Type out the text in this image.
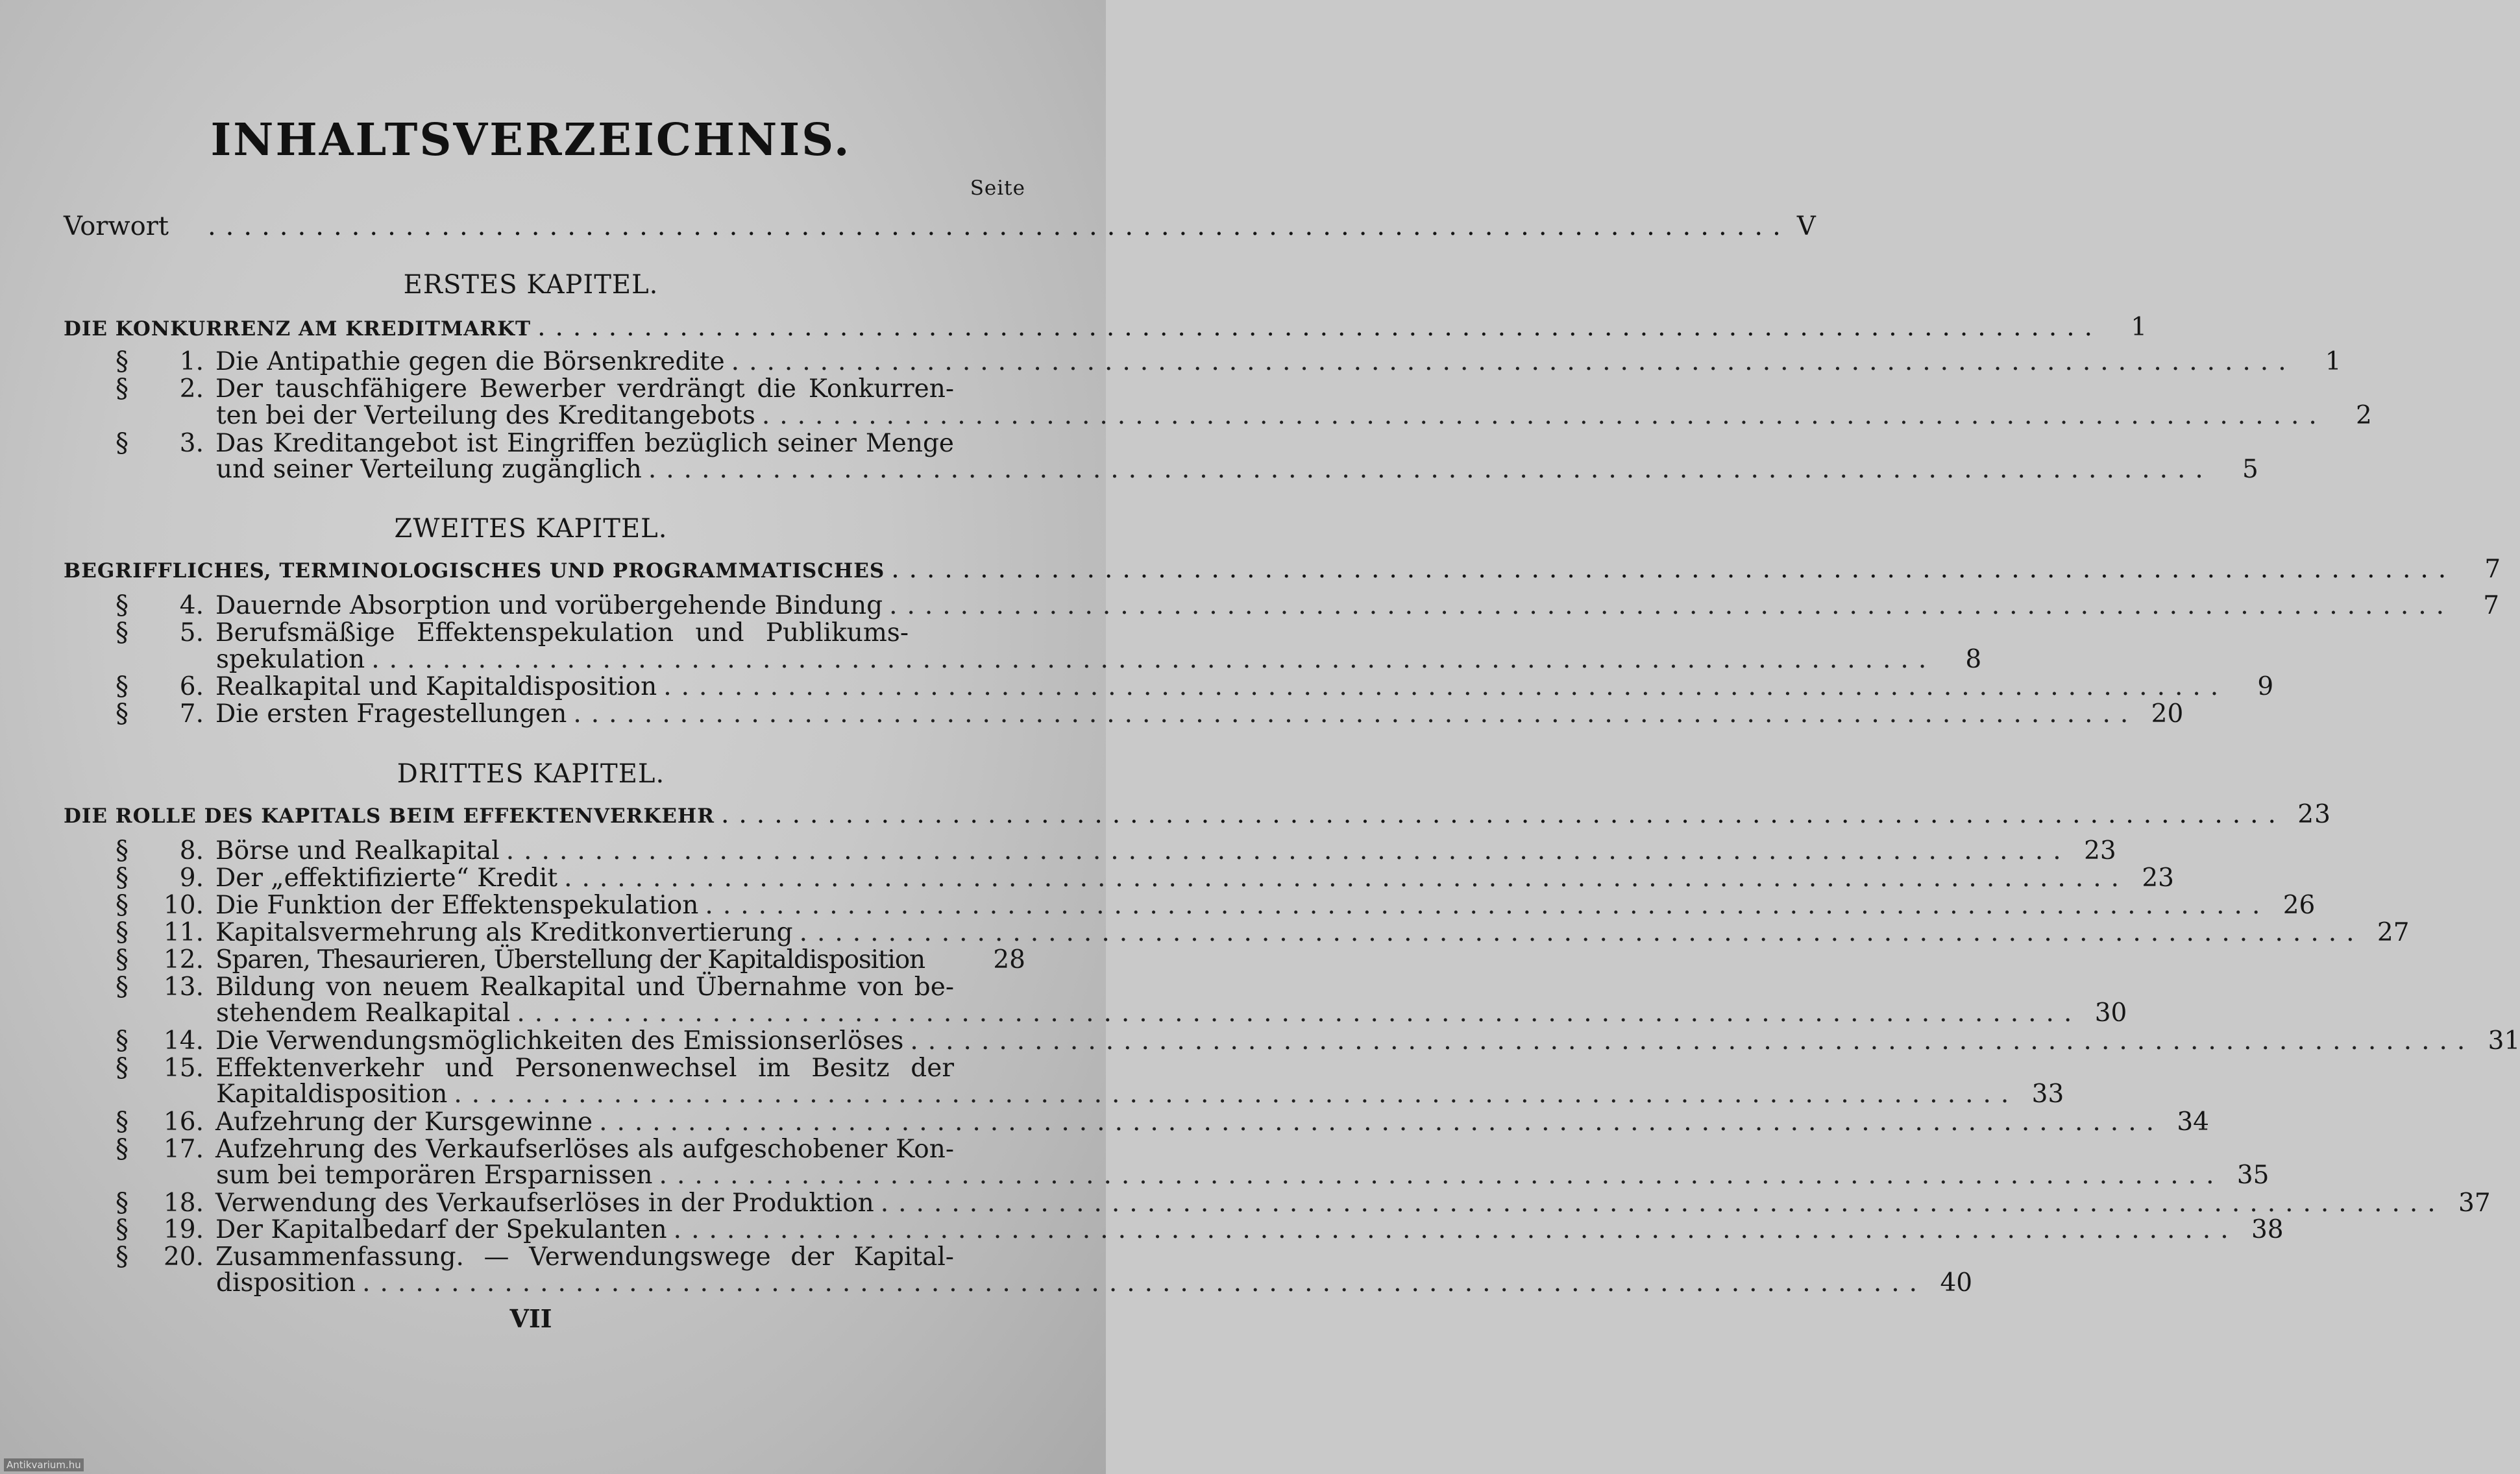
INHALTSVERZEICHNIS.
Seite
Vorwort	........................................................................................ V
ERSTES KAPITEL.
DIE KONKURRENZ AM KREDITMARKT ........................................................................................	1
§	1. Die Antipathie gegen die Börsenkredite ........................................................................................	1
§	2. Der tauschfähigere Bewerber verdrängt die Konkurren-
ten bei der Verteilung des Kreditangebots ........................................................................................	2
§	3. Das Kreditangebot ist Eingriffen bezüglich seiner Menge
und seiner Verteilung zugänglich ........................................................................................	5
ZWEITES KAPITEL.
BEGRIFFLICHES, TERMINOLOGISCHES UND PROGRAMMATISCHES ........................................................................................	7
§	4. Dauernde Absorption und vorübergehende Bindung ........................................................................................	7
§	5. Berufsmäßige Effektenspekulation und Publikums-
spekulation ........................................................................................	8
§	6. Realkapital und Kapitaldisposition ........................................................................................	9
§	7. Die ersten Fragestellungen ........................................................................................ 20
DRITTES KAPITEL.
DIE ROLLE DES KAPITALS BEIM EFFEKTENVERKEHR ........................................................................................ 23
§	8. Börse und Realkapital ........................................................................................ 23
§	9. Der „effektifizierte“ Kredit ........................................................................................ 23
§	10. Die Funktion der Effektenspekulation ........................................................................................ 26
§	11. Kapitalsvermehrung als Kreditkonvertierung ........................................................................................ 27
§	12. Sparen, Thesaurieren, Überstellung der Kapitaldisposition	28
§	13. Bildung von neuem Realkapital und Übernahme von be-
stehendem Realkapital ........................................................................................ 30
§	14. Die Verwendungsmöglichkeiten des Emissionserlöses ........................................................................................ 31
§	15. Effektenverkehr und Personenwechsel im Besitz der
Kapitaldisposition ........................................................................................ 33
§	16. Aufzehrung der Kursgewinne ........................................................................................ 34
§	17. Aufzehrung des Verkaufserlöses als aufgeschobener Kon-
sum bei temporären Ersparnissen ........................................................................................ 35
§	18. Verwendung des Verkaufserlöses in der Produktion ........................................................................................ 37
§	19. Der Kapitalbedarf der Spekulanten ........................................................................................ 38
§	20. Zusammenfassung. — Verwendungswege der Kapital-
disposition ........................................................................................ 40
VII
Antikvarium.hu
